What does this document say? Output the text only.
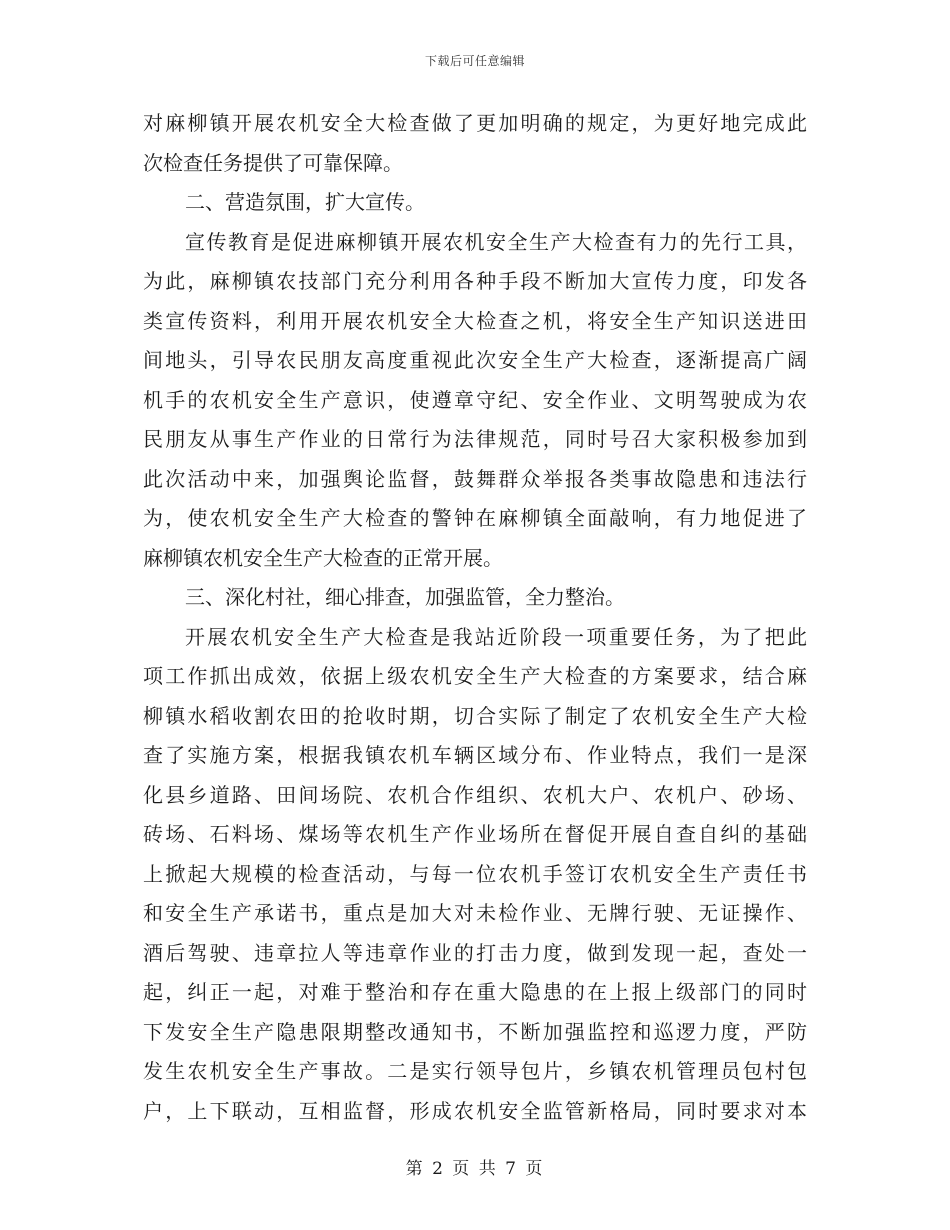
下载后可任意编辑
对麻柳镇开展农机安全大检查做了更加明确的规定，为更好地完成此
次检查任务提供了可靠保障。
二、营造氛围，扩大宣传。
宣传教育是促进麻柳镇开展农机安全生产大检查有力的先行工具，
为此，麻柳镇农技部门充分利用各种手段不断加大宣传力度，印发各
类宣传资料，利用开展农机安全大检查之机，将安全生产知识送进田
间地头，引导农民朋友高度重视此次安全生产大检查，逐渐提高广阔
机手的农机安全生产意识，使遵章守纪、安全作业、文明驾驶成为农
民朋友从事生产作业的日常行为法律规范，同时号召大家积极参加到
此次活动中来，加强舆论监督，鼓舞群众举报各类事故隐患和违法行
为，使农机安全生产大检查的警钟在麻柳镇全面敲响，有力地促进了
麻柳镇农机安全生产大检查的正常开展。
三、深化村社，细心排查，加强监管，全力整治。
开展农机安全生产大检查是我站近阶段一项重要任务，为了把此
项工作抓出成效，依据上级农机安全生产大检查的方案要求，结合麻
柳镇水稻收割农田的抢收时期，切合实际了制定了农机安全生产大检
查了实施方案，根据我镇农机车辆区域分布、作业特点，我们一是深
化县乡道路、田间场院、农机合作组织、农机大户、农机户、砂场、
砖场、石料场、煤场等农机生产作业场所在督促开展自查自纠的基础
上掀起大规模的检查活动，与每一位农机手签订农机安全生产责任书
和安全生产承诺书，重点是加大对未检作业、无牌行驶、无证操作、
酒后驾驶、违章拉人等违章作业的打击力度，做到发现一起，查处一
起，纠正一起，对难于整治和存在重大隐患的在上报上级部门的同时
下发安全生产隐患限期整改通知书，不断加强监控和巡逻力度，严防
发生农机安全生产事故。二是实行领导包片，乡镇农机管理员包村包
户，上下联动，互相监督，形成农机安全监管新格局，同时要求对本
第 2 页 共 7 页
